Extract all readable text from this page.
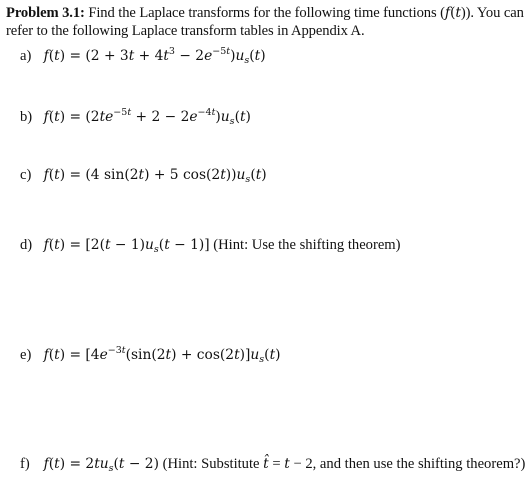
Problem 3.1: Find the Laplace transforms for the following time functions (f(t)). You can
refer to the following Laplace transform tables in Appendix A.
a) $f(t) = (2 + 3t + 4t^3 - 2e^{-5t})u_s(t)$
b) $f(t) = (2te^{-5t} + 2 - 2e^{-4t})u_s(t)$
c) f(t) = (4 sin(2t) + 5 $\cos(2t))u_s(t)$
d) $f(t) = [2(t - 1)u_s(t - 1)]$ (Hint: Use the shifting theorem)
e) $f(t) = [4e^{-3t}(\sin(2t) + \cos(2t)]u_s(t)$
f) $f(t) = 2tu_s(t - 2)$ (Hint: Substitute t̂ = t − 2, and then use the shifting theorem?)
